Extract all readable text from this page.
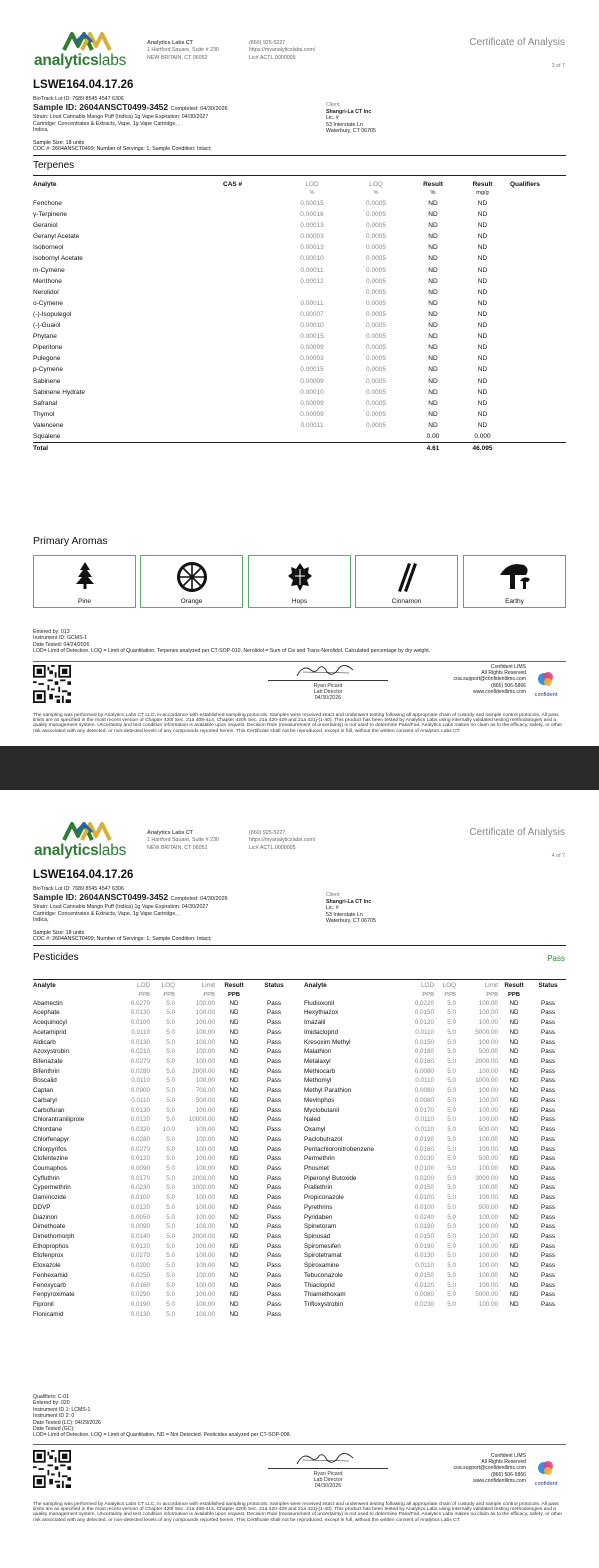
analyticslabs
Analytics Labs CT
1 Hartford Square, Suite # 230
NEW BRITAIN, CT 06052
(860) 925-5227
https://myanalyticslabs.com/
Lic# ACTL.0000005
Certificate of Analysis
3 of 7
LSWE164.04.17.26
BioTrack Lot ID: 7689 8545 4547 6306
Sample ID: 2604ANSCT0499-3452 Completed: 04/30/2026
Strain: Loud Cannabis Mango Puff (Indica) 1g Vape Expiration: 04/30/2027
Cartridge: Concentrates & Extracts, Vape, 1g Vape Cartridge, ,
Indica,
Client
Shangri-La CT Inc
Lic. #
53 Interstate Ln
Waterbury, CT 06705
Sample Size: 18 units
COC #: 2604ANSCT0499; Number of Servings: 1; Sample Condition: Intact;
Terpenes
Analyte	CAS #	LOD	LOQ	Result	Result	Qualifiers
		%	%	%	mg/g	
Fenchone		0.00015	0.0005	ND	ND	
γ-Terpinene		0.00016	0.0005	ND	ND	
Geraniol		0.00013	0.0005	ND	ND	
Geranyl Acetate		0.00003	0.0005	ND	ND	
Isoborneol		0.00013	0.0005	ND	ND	
Isobornyl Acetate		0.00010	0.0005	ND	ND	
m-Cymene		0.00011	0.0005	ND	ND	
Menthone		0.00012	0.0005	ND	ND	
Nerolidol			0.0005	ND	ND	
o-Cymene		0.00011	0.0005	ND	ND	
(-)-Isopulegol		0.00007	0.0005	ND	ND	
(-)-Guaiol		0.00010	0.0005	ND	ND	
Phytane		0.00015	0.0005	ND	ND	
Piperitone		0.00009	0.0005	ND	ND	
Pulegone		0.00003	0.0005	ND	ND	
p-Cymene		0.00015	0.0005	ND	ND	
Sabinene		0.00009	0.0005	ND	ND	
Sabinene Hydrate		0.00010	0.0005	ND	ND	
Safranal		0.00009	0.0005	ND	ND	
Thymol		0.00009	0.0005	ND	ND	
Valencene		0.00011	0.0005	ND	ND	
Squalene				0.00	0.000	
Total				4.61	46.095	
Primary Aromas
Pine	Orange	Hops	Cinnamon	Earthy
Entered by: 013
Instrument ID: GCMS-1
Date Tested: 04/24/2026
LOD= Limit of Detection, LOQ = Limit of Quantitation. Terpenes analyzed per CT-SOP-010. Nerolidol = Sum of Cis and Trans-Nerolidol. Calculated percentage by dry weight.
Ryan Picard
Lab Director
04/30/2026
Confident LIMS
All Rights Reserved
coa.support@confidentlims.com
(866) 506-5866
www.confidentlims.com
confident
The sampling was performed by Analytics Labs CT LLC, in accordance with established sampling protocols. Samples were received intact and underwent testing following all appropriate chain of custody and sample control protocols. All pass limits are as specified in the most recent version of Chapter 420f Sec. 21a 408-414, Chapter 420h Sec. 21a 420-429 and 21a 421j-(1-40). This product has been tested by Analytics Labs using internally validated testing methodologies and a quality management system. Uncertainty and test condition information is available upon request. Decision Rule (measurement of uncertainty) is not used to determine Pass/Fail. Analytics Labs makes no claim as to the efficacy, safety, or other risk associated with any detected, or non-detected levels of any compounds reported herein. This Certificate shall not be reproduced, except in full, without the written consent of Analytics Labs CT.
analyticslabs
Analytics Labs CT
1 Hartford Square, Suite # 230
NEW BRITAIN, CT 06052
(860) 925-5227
https://myanalyticslabs.com/
Lic# ACTL.0000005
Certificate of Analysis
4 of 7
LSWE164.04.17.26
BioTrack Lot ID: 7689 8545 4547 6306
Sample ID: 2604ANSCT0499-3452 Completed: 04/30/2026
Strain: Loud Cannabis Mango Puff (Indica) 1g Vape Expiration: 04/30/2027
Cartridge: Concentrates & Extracts, Vape, 1g Vape Cartridge, ,
Indica,
Client
Shangri-La CT Inc
Lic. #
53 Interstate Ln
Waterbury, CT 06705
Sample Size: 18 units
COC #: 2604ANSCT0499; Number of Servings: 1; Sample Condition: Intact;
Pesticides	Pass
Analyte	LOD	LOQ	Limit	Result	Status
	PPB	PPB	PPB	PPB	
Abamectin	0.0270	5.0	100.00	ND	Pass
Acephate	0.0130	5.0	100.00	ND	Pass
Acequinocyl	0.0100	5.0	100.00	ND	Pass
Acetamiprid	0.0110	5.0	100.00	ND	Pass
Aldicarb	0.0130	5.0	100.00	ND	Pass
Azoxystrobin	0.0210	5.0	100.00	ND	Pass
Bifenazate	0.0270	5.0	100.00	ND	Pass
Bifenthrin	0.0280	5.0	2000.00	ND	Pass
Boscalid	0.0110	5.0	100.00	ND	Pass
Captan	0.0900	5.0	700.00	ND	Pass
Carbaryl	0.0110	5.0	500.00	ND	Pass
Carbofuran	0.0130	5.0	100.00	ND	Pass
Chlorantraniliprole	0.0120	5.0	10000.00	ND	Pass
Chlordane	0.0320	10.0	100.00	ND	Pass
Chlorfenapyr	0.0280	5.0	100.00	ND	Pass
Chlorpyrifos	0.0270	5.0	100.00	ND	Pass
Clofentezine	0.0120	5.0	100.00	ND	Pass
Coumaphos	0.0090	5.0	100.00	ND	Pass
Cyfluthrin	0.0170	5.0	2000.00	ND	Pass
Cypermethrin	0.0230	5.0	1000.00	ND	Pass
Daminozide	0.0100	5.0	100.00	ND	Pass
DDVP	0.0120	5.0	100.00	ND	Pass
Diazinon	0.0050	5.0	100.00	ND	Pass
Dimethoate	0.0090	5.0	100.00	ND	Pass
Dimethomorph	0.0140	5.0	2000.00	ND	Pass
Ethoprophos	0.0120	5.0	100.00	ND	Pass
Etofenprox	0.0270	5.0	100.00	ND	Pass
Etoxazole	0.0200	5.0	100.00	ND	Pass
Fenhexamid	0.0250	5.0	100.00	ND	Pass
Fenoxycarb	0.0160	5.0	100.00	ND	Pass
Fenpyroximate	0.0290	5.0	100.00	ND	Pass
Fipronil	0.0190	5.0	100.00	ND	Pass
Flonicamid	0.0130	5.0	100.00	ND	Pass
Analyte	LOD	LOQ	Limit	Result	Status
	PPB	PPB	PPB	PPB	
Fludioxonil	0.0220	5.0	100.00	ND	Pass
Hexythiazox	0.0150	5.0	100.00	ND	Pass
Imazalil	0.0120	5.0	100.00	ND	Pass
Imidacloprid	0.0110	5.0	5000.00	ND	Pass
Kresoxim Methyl	0.0150	5.0	100.00	ND	Pass
Malathion	0.0180	5.0	500.00	ND	Pass
Metalaxyl	0.0160	5.0	2000.00	ND	Pass
Methiocarb	0.0080	5.0	100.00	ND	Pass
Methomyl	0.0110	5.0	1000.00	ND	Pass
Methyl Parathion	0.0080	5.0	100.00	ND	Pass
Mevinphos	0.0080	5.0	100.00	ND	Pass
Myclobutanil	0.0170	5.0	100.00	ND	Pass
Naled	0.0110	5.0	100.00	ND	Pass
Oxamyl	0.0110	5.0	500.00	ND	Pass
Paclobutrazol	0.0190	5.0	100.00	ND	Pass
Pentachloronitrobenzene	0.0160	5.0	100.00	ND	Pass
Permethrin	0.0230	5.0	500.00	ND	Pass
Phosmet	0.0100	5.0	100.00	ND	Pass
Piperonyl Butoxide	0.0200	5.0	3000.00	ND	Pass
Prallethrin	0.0150	5.0	100.00	ND	Pass
Propiconazole	0.0100	5.0	100.00	ND	Pass
Pyrethrins	0.0100	5.0	500.00	ND	Pass
Pyridaben	0.0240	5.0	100.00	ND	Pass
Spinetoram	0.0190	5.0	100.00	ND	Pass
Spinosad	0.0150	5.0	100.00	ND	Pass
Spiromesifen	0.0190	5.0	100.00	ND	Pass
Spirotetramat	0.0130	5.0	100.00	ND	Pass
Spiroxamine	0.0110	5.0	100.00	ND	Pass
Tebuconazole	0.0150	5.0	100.00	ND	Pass
Thiacloprid	0.0120	5.0	100.00	ND	Pass
Thiamethoxam	0.0080	5.0	5000.00	ND	Pass
Trifloxystrobin	0.0230	5.0	100.00	ND	Pass
Qualifiers: C-01
Entered by: 020
Instrument ID 1: LCMS-1
Instrument ID 2: 0
Date Tested (LC): 04/29/2026
Date Tested (GC):
LOD= Limit of Detection, LOQ = Limit of Quantitation, ND = Not Detected. Pesticides analyzed per CT-SOP-008.
Ryan Picard
Lab Director
04/30/2026
Confident LIMS
All Rights Reserved
coa.support@confidentlims.com
(866) 506-5866
www.confidentlims.com
confident
The sampling was performed by Analytics Labs CT LLC, in accordance with established sampling protocols. Samples were received intact and underwent testing following all appropriate chain of custody and sample control protocols. All pass limits are as specified in the most recent version of Chapter 420f Sec. 21a 408-414, Chapter 420h Sec. 21a 420-429 and 21a 421j-(1-40). This product has been tested by Analytics Labs using internally validated testing methodologies and a quality management system. Uncertainty and test condition information is available upon request. Decision Rule (measurement of uncertainty) is not used to determine Pass/Fail. Analytics Labs makes no claim as to the efficacy, safety, or other risk associated with any detected, or non-detected levels of any compounds reported herein. This Certificate shall not be reproduced, except in full, without the written consent of Analytics Labs CT.
